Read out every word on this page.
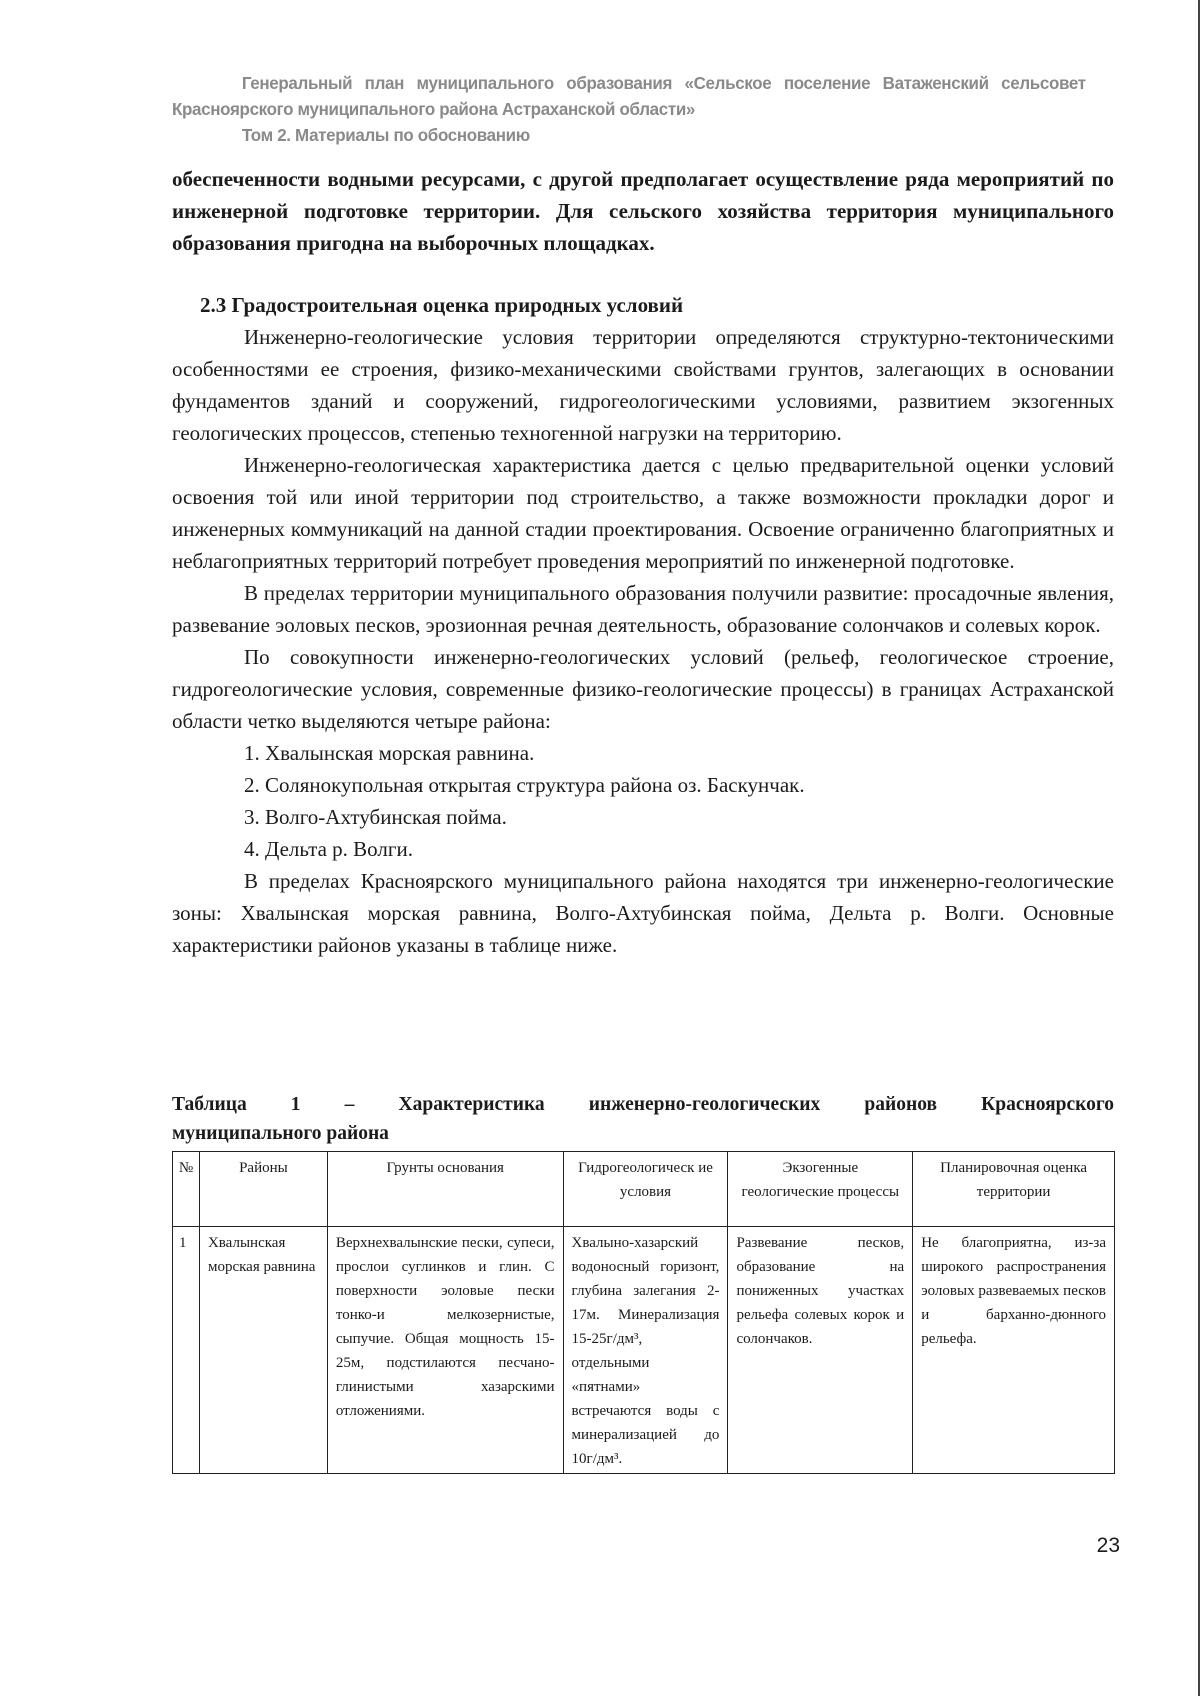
Генеральный план муниципального образования «Сельское поселение Ватаженский сельсовет Красноярского муниципального района Астраханской области»

Том 2. Материалы по обоснованию

обеспеченности водными ресурсами, с другой предполагает осуществление ряда мероприятий по инженерной подготовке территории. Для сельского хозяйства территория муниципального образования пригодна на выборочных площадках.

2.3 Градостроительная оценка природных условий

Инженерно-геологические условия территории определяются структурно-тектоническими особенностями ее строения, физико-механическими свойствами грунтов, залегающих в основании фундаментов зданий и сооружений, гидрогеологическими условиями, развитием экзогенных геологических процессов, степенью техногенной нагрузки на территорию.

Инженерно-геологическая характеристика дается с целью предварительной оценки условий освоения той или иной территории под строительство, а также возможности прокладки дорог и инженерных коммуникаций на данной стадии проектирования. Освоение ограниченно благоприятных и неблагоприятных территорий потребует проведения мероприятий по инженерной подготовке.

В пределах территории муниципального образования получили развитие: просадочные явления, развевание эоловых песков, эрозионная речная деятельность, образование солончаков и солевых корок.

По совокупности инженерно-геологических условий (рельеф, геологическое строение, гидрогеологические условия, современные физико-геологические процессы) в границах Астраханской области четко выделяются четыре района:

1. Хвалынская морская равнина.

2. Солянокупольная открытая структура района оз. Баскунчак.

3. Волго-Ахтубинская пойма.

4. Дельта р. Волги.

В пределах Красноярского муниципального района находятся три инженерно-геологические зоны: Хвалынская морская равнина, Волго-Ахтубинская пойма, Дельта р. Волги. Основные характеристики районов указаны в таблице ниже.

Таблица 1 – Характеристика инженерно-геологических районов Красноярского
муниципального района
№	Районы	Грунты основания	Гидрогеологическ ие условия	Экзогенные геологические процессы	Планировочная оценка территории
1	Хвалынская морская равнина	Верхнехвалынские пески, супеси, прослои суглинков и глин. С поверхности эоловые пески тонко-и мелкозернистые, сыпучие. Общая мощность 15-25м, подстилаются песчано-глинистыми хазарскими отложениями.	Хвалыно-хазарский водоносный горизонт, глубина залегания 2-17м. Минерализация 15-25г/дм³, отдельными «пятнами» встречаются воды с минерализацией до 10г/дм³.	Развевание песков, образование на пониженных участках рельефа солевых корок и солончаков.	Не благоприятна, из-за широкого распространения эоловых развеваемых песков и барханно-дюнного рельефа.
23
